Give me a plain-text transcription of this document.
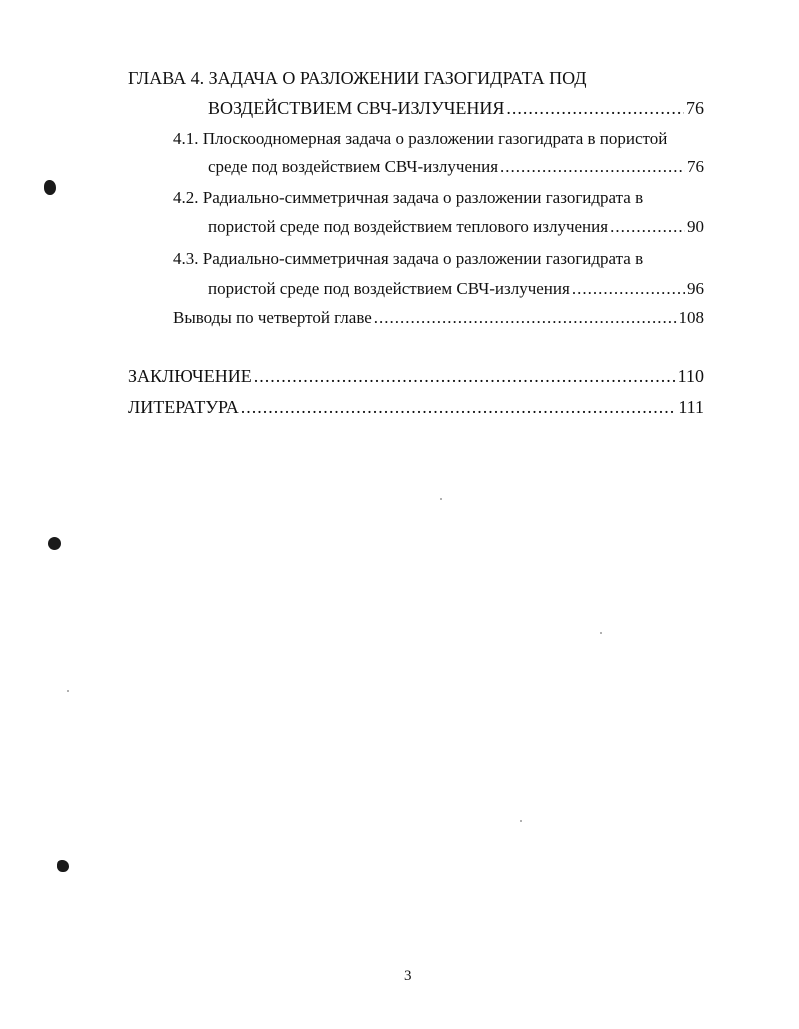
ГЛАВА 4. ЗАДАЧА О РАЗЛОЖЕНИИ ГАЗОГИДРАТА ПОД
ВОЗДЕЙСТВИЕМ СВЧ-ИЗЛУЧЕНИЯ .....	76
4.1. Плоскоодномерная задача о разложении газогидрата в пористой
среде под воздействием СВЧ-излучения .....	76
4.2. Радиально-симметричная задача о разложении газогидрата в
пористой среде под воздействием теплового излучения .....	90
4.3. Радиально-симметричная задача о разложении газогидрата в
пористой среде под воздействием СВЧ-излучения .....	96
Выводы по четвертой главе .....	108
ЗАКЛЮЧЕНИЕ .....	110
ЛИТЕРАТУРА .....	111
3
